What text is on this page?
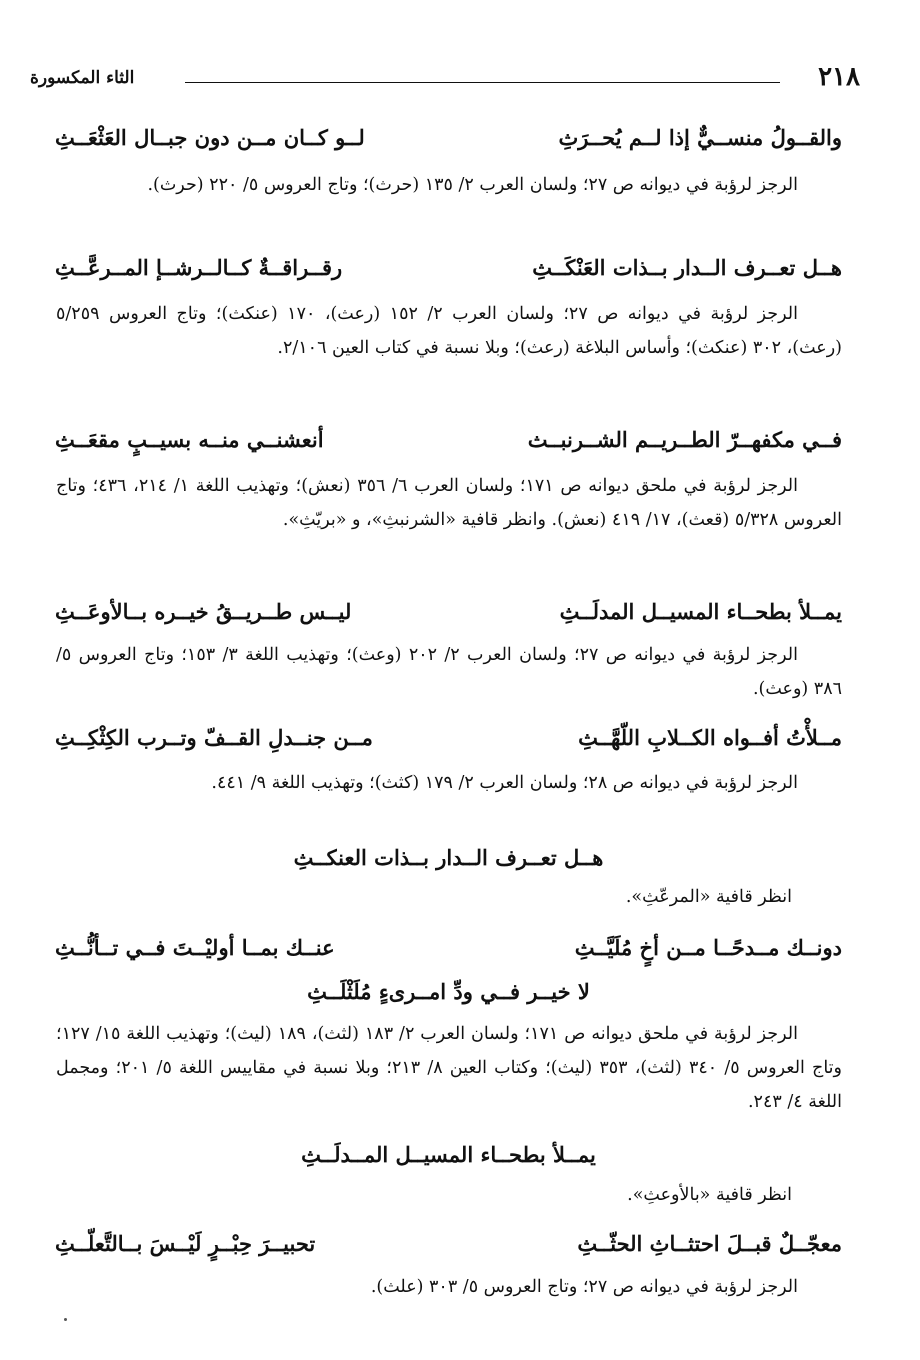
٢١٨
الثاء المكسورة
والقــولُ منســيٌّ إذا لــم يُحــرَثِ
لــو كــان مــن دون جبــال العَثْعَــثِ
الرجز لرؤبة في ديوانه ص ٢٧؛ ولسان العرب ٢/ ١٣٥ (حرث)؛ وتاج العروس ٥/ ٢٢٠ (حرث).
هــل تعــرف الــدار بــذات العَنْكَــثِ
رقــراقــةٌ كــالــرشــإ المــرعَّــثِ
الرجز لرؤبة في ديوانه ص ٢٧؛ ولسان العرب ٢/ ١٥٢ (رعث)، ١٧٠ (عنكث)؛ وتاج العروس ٥/٢٥٩ (رعث)، ٣٠٢ (عنكث)؛ وأساس البلاغة (رعث)؛ وبلا نسبة في كتاب العين ٢/١٠٦.
فــي مكفهــرّ الطــريــم الشــرنبــث
أنعشنــي منــه بسيــبٍ مقعَــثِ
الرجز لرؤبة في ملحق ديوانه ص ١٧١؛ ولسان العرب ٦/ ٣٥٦ (نعش)؛ وتهذيب اللغة ١/ ٢١٤، ٤٣٦؛ وتاج العروس ٥/٣٢٨ (قعث)، ١٧/ ٤١٩ (نعش). وانظر قافية «الشرنبثِ»، و «بريّثِ».
يمــلأ بطحــاء المسيــل المدلَــثِ
ليــس طــريــقُ خيــره بــالأوعَــثِ
الرجز لرؤبة في ديوانه ص ٢٧؛ ولسان العرب ٢/ ٢٠٢ (وعث)؛ وتهذيب اللغة ٣/ ١٥٣؛ وتاج العروس ٥/ ٣٨٦ (وعث).
مــلأْتُ أفــواه الكــلابِ اللّهَّــثِ
مــن جنــدلِ القــفّ وتــرب الكِثْكِــثِ
الرجز لرؤبة في ديوانه ص ٢٨؛ ولسان العرب ٢/ ١٧٩ (كثث)؛ وتهذيب اللغة ٩/ ٤٤١.
هــل تعــرف الــدار بــذات العنكــثِ
انظر قافية «المرعّثِ».
دونــك مــدحًــا مــن أخٍ مُلَيَّــثِ
عنــك بمــا أوليْــتَ فــي تــأنُّــثِ
لا خيــر فــي ودِّ امــرىءٍ مُلَثْلَــثِ
الرجز لرؤبة في ملحق ديوانه ص ١٧١؛ ولسان العرب ٢/ ١٨٣ (لثث)، ١٨٩ (ليث)؛ وتهذيب اللغة ١٥/ ١٢٧؛ وتاج العروس ٥/ ٣٤٠ (لثث)، ٣٥٣ (ليث)؛ وكتاب العين ٨/ ٢١٣؛ وبلا نسبة في مقاييس اللغة ٥/ ٢٠١؛ ومجمل اللغة ٤/ ٢٤٣.
يمــلأ بطحــاء المسيــل المــدلَــثِ
انظر قافية «بالأوعثِ».
معجّــلٌ قبــلَ احتثــاثِ الحثّــثِ
تحبيــرَ حِبْــرٍ لَيْــسَ بــالتَّعلّــثِ
الرجز لرؤبة في ديوانه ص ٢٧؛ وتاج العروس ٥/ ٣٠٣ (علث).
